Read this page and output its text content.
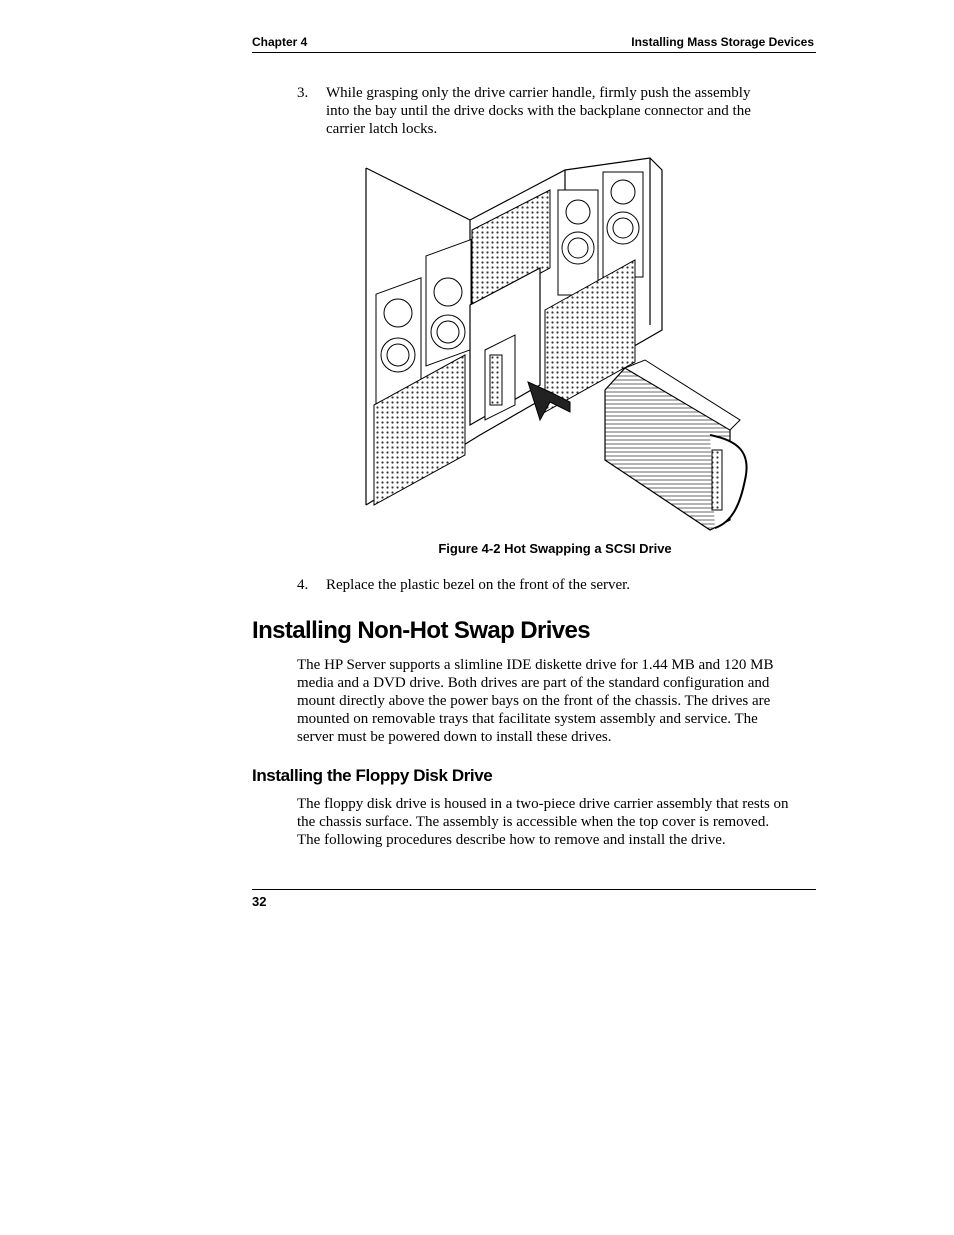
Chapter 4	Installing Mass Storage Devices
3. While grasping only the drive carrier handle, firmly push the assembly
into the bay until the drive docks with the backplane connector and the
carrier latch locks.
Figure 4-2 Hot Swapping a SCSI Drive
4. Replace the plastic bezel on the front of the server.
Installing Non-Hot Swap Drives
The HP Server supports a slimline IDE diskette drive for 1.44 MB and 120 MB
media and a DVD drive. Both drives are part of the standard configuration and
mount directly above the power bays on the front of the chassis. The drives are
mounted on removable trays that facilitate system assembly and service. The
server must be powered down to install these drives.
Installing the Floppy Disk Drive
The floppy disk drive is housed in a two-piece drive carrier assembly that rests on
the chassis surface. The assembly is accessible when the top cover is removed.
The following procedures describe how to remove and install the drive.
32
